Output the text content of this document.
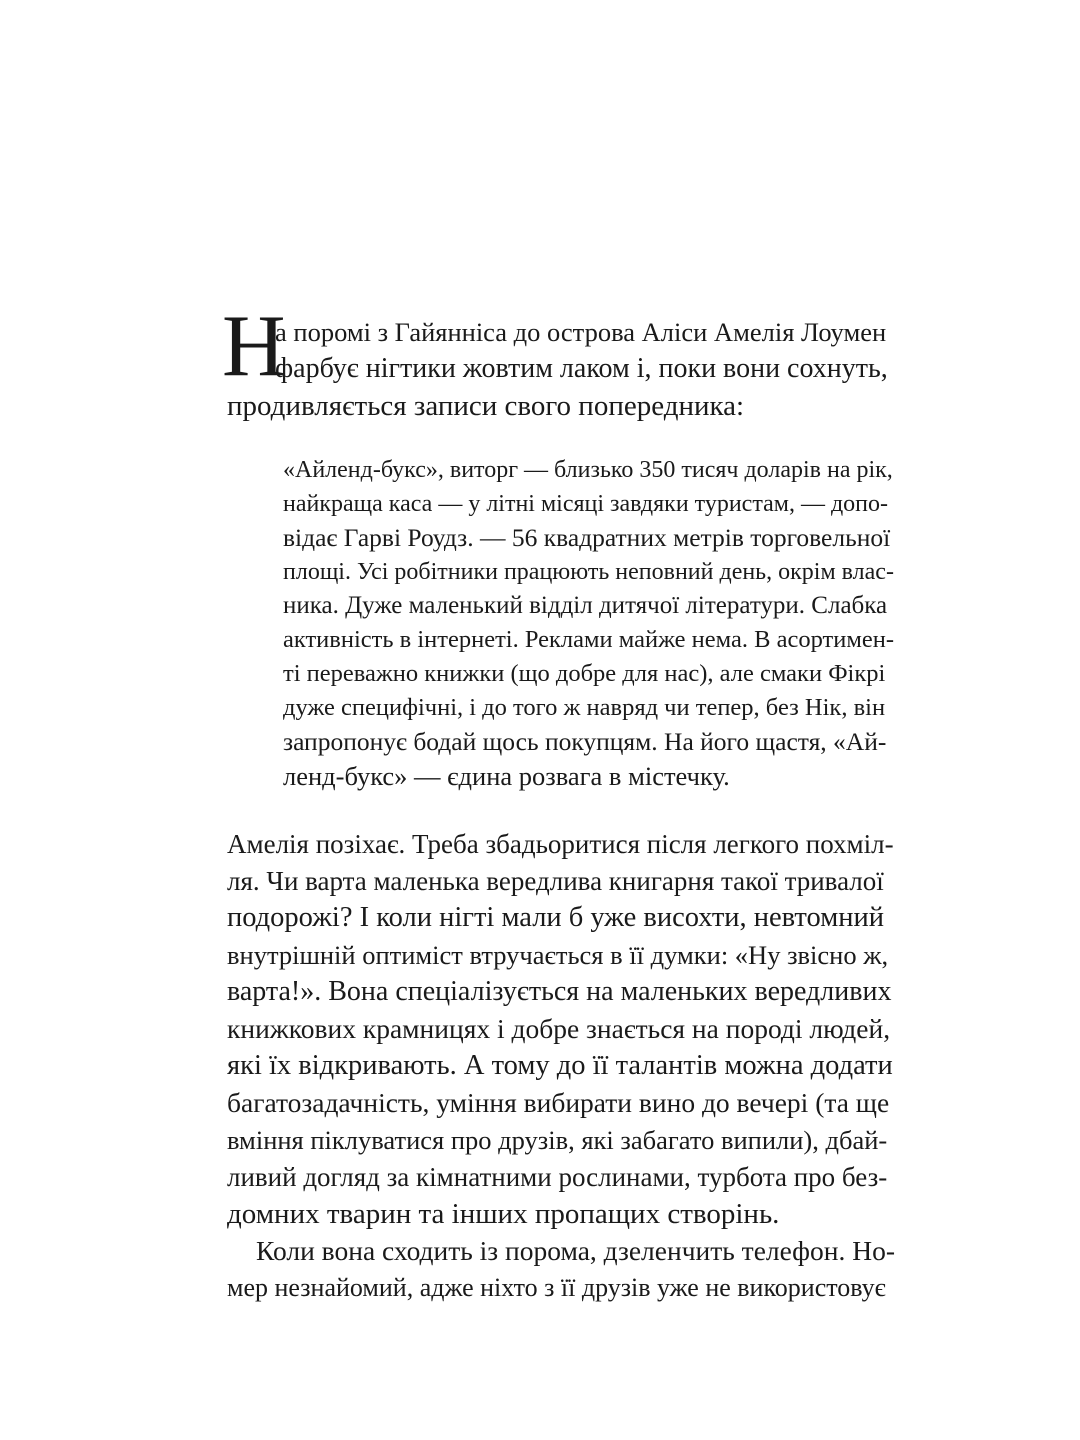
Н
а поромі з Гайяннiса до острова Аліси Амелія Лоумен
фарбує нігтики жовтим лаком і, поки вони сохнуть,
продивляється записи свого попередника:
«Айленд-букс», виторг — близько 350 тисяч доларів на рік,
найкраща каса — у літні місяці завдяки туристам, — допо-
відає Гарві Роудз. — 56 квадратних метрів торговельної
площі. Усі робітники працюють неповний день, окрім влас-
ника. Дуже маленький відділ дитячої літератури. Слабка
активність в інтернеті. Реклами майже нема. В асортимен-
ті переважно книжки (що добре для нас), але смаки Фікрі
дуже специфічні, і до того ж навряд чи тепер, без Нік, він
запропонує бодай щось покупцям. На його щастя, «Ай-
ленд-букс» — єдина розвага в містечку.
Амелія позіхає. Треба збадьоритися після легкого похміл-
ля. Чи варта маленька вередлива книгарня такої тривалої
подорожі? І коли нігті мали б уже висохти, невтомний
внутрішній оптиміст втручається в її думки: «Ну звісно ж,
варта!». Вона спеціалізується на маленьких вередливих
книжкових крамницях і добре знається на породі людей,
які їх відкривають. А тому до її талантів можна додати
багатозадачність, уміння вибирати вино до вечері (та ще
вміння піклуватися про друзів, які забагато випили), дбай-
ливий догляд за кімнатними рослинами, турбота про без-
домних тварин та інших пропащих створінь.
Коли вона сходить із порома, дзеленчить телефон. Но-
мер незнайомий, адже ніхто з її друзів уже не використовує
